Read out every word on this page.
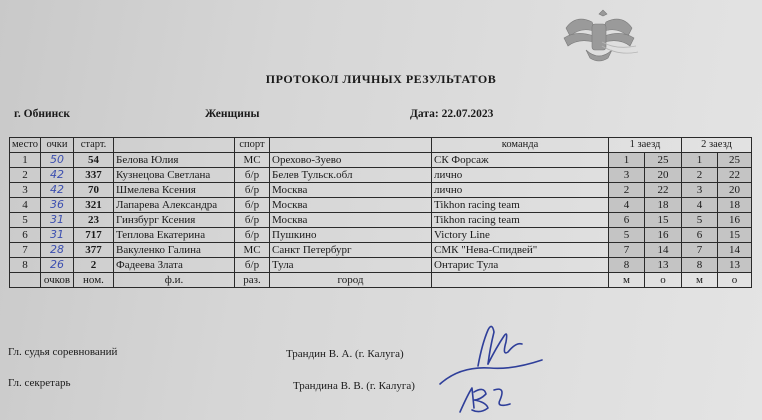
ПРОТОКОЛ ЛИЧНЫХ РЕЗУЛЬТАТОВ
г. Обнинск	Женщины	Дата: 22.07.2023
место	очки	старт.		спорт		команда	1 заезд		2 заезд	
1	50	54	Белова Юлия	МС	Орехово-Зуево	СК Форсаж	1	25	1	25
2	42	337	Кузнецова Светлана	б/р	Белев Тульск.обл	лично	3	20	2	22
3	42	70	Шмелева Ксения	б/р	Москва	лично	2	22	3	20
4	36	321	Лапарева Александра	б/р	Москва	Tikhon racing team	4	18	4	18
5	31	23	Гинзбург Ксения	б/р	Москва	Tikhon racing team	6	15	5	16
6	31	717	Теплова Екатерина	б/р	Пушкино	Victory Line	5	16	6	15
7	28	377	Вакуленко Галина	МС	Санкт Петербург	СМК "Нева-Спидвей"	7	14	7	14
8	26	2	Фадеева Злата	б/р	Тула	Онтарис Тула	8	13	8	13
	очков	ном.	ф.и.	раз.	город		м	о	м	о
Гл. судья соревнований	Трандин В. А. (г. Калуга)
Гл. секретарь	Трандина В. В. (г. Калуга)
